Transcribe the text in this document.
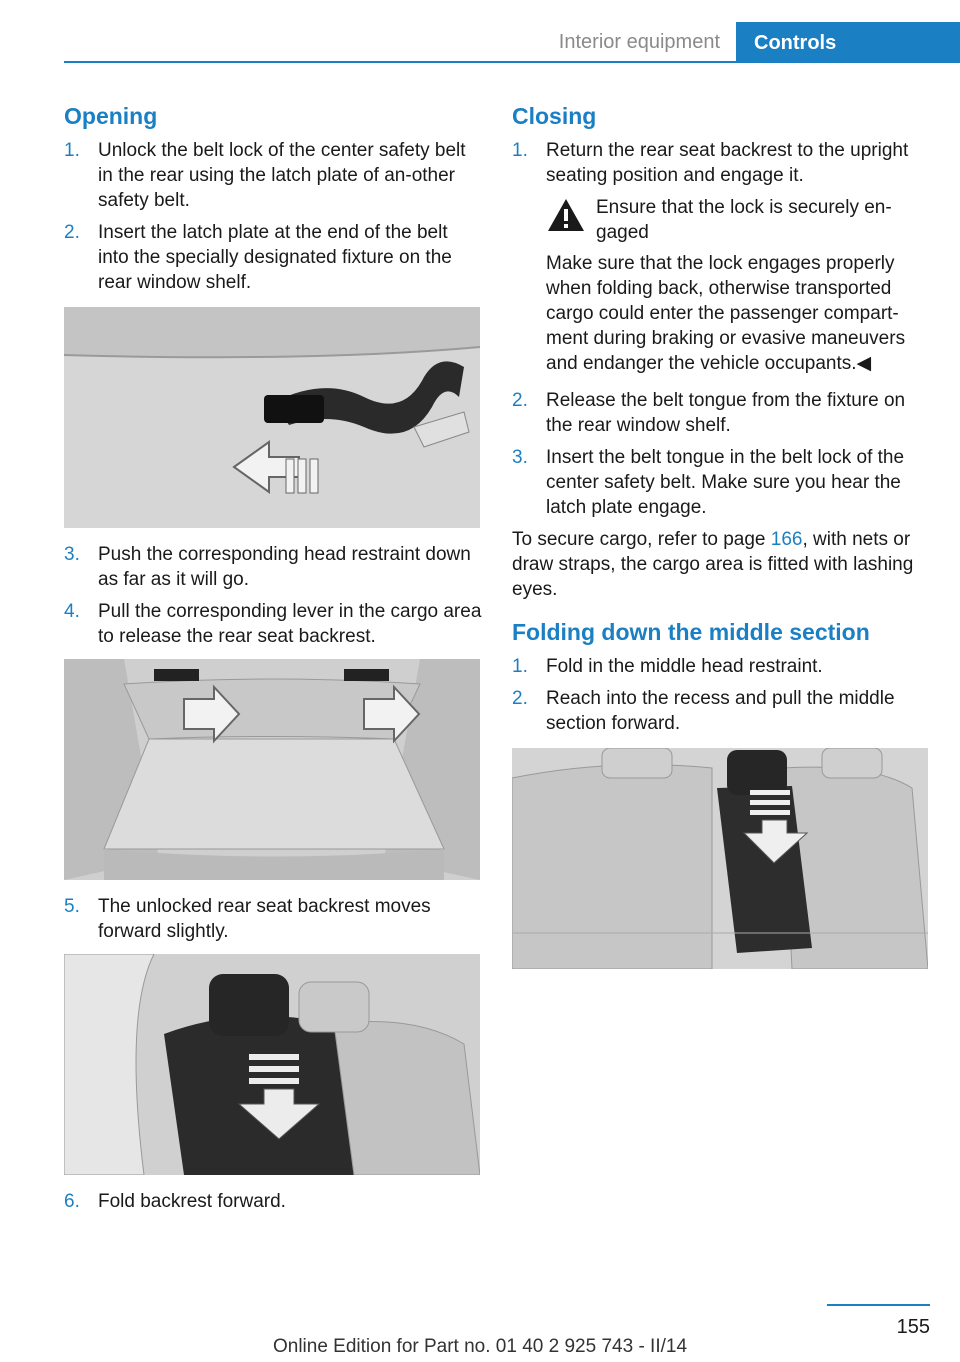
Interior equipment	Controls
Opening
1. Unlock the belt lock of the center safety belt in the rear using the latch plate of an‐other safety belt.
2. Insert the latch plate at the end of the belt into the specially designated fixture on the rear window shelf.
3. Push the corresponding head restraint down as far as it will go.
4. Pull the corresponding lever in the cargo area to release the rear seat backrest.
5. The unlocked rear seat backrest moves forward slightly.
6. Fold backrest forward.
Closing
1. Return the rear seat backrest to the upright seating position and engage it.
Ensure that the lock is securely en‐gaged
Make sure that the lock engages properly when folding back, otherwise transported cargo could enter the passenger compart‐ment during braking or evasive maneuvers and endanger the vehicle occupants.◀
2. Release the belt tongue from the fixture on the rear window shelf.
3. Insert the belt tongue in the belt lock of the center safety belt. Make sure you hear the latch plate engage.

To secure cargo, refer to page 166, with nets or draw straps, the cargo area is fitted with lashing eyes.

Folding down the middle section
1. Fold in the middle head restraint.
2. Reach into the recess and pull the middle section forward.
155
Online Edition for Part no. 01 40 2 925 743 - II/14
